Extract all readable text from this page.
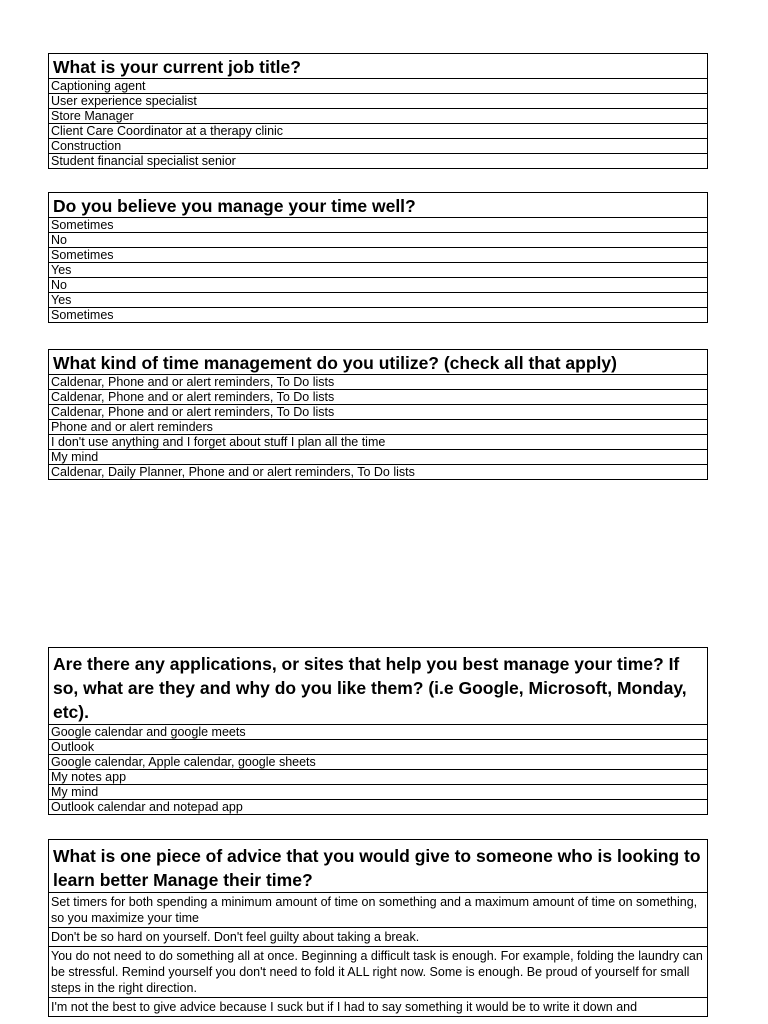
What is your current job title?
Captioning agent
User experience specialist
Store Manager
Client Care Coordinator at a therapy clinic
Construction
Student financial specialist senior
Do you believe you manage your time well?
Sometimes
No
Sometimes
Yes
No
Yes
Sometimes
What kind of time management do you utilize? (check all that apply)
Caldenar, Phone and or alert reminders, To Do lists
Caldenar, Phone and or alert reminders, To Do lists
Caldenar, Phone and or alert reminders, To Do lists
Phone and or alert reminders
I don't use anything and I forget about stuff I plan all the time
My mind
Caldenar, Daily Planner, Phone and or alert reminders, To Do lists
Are there any applications, or sites that help you best manage your time? If so, what are they and why do you like them? (i.e Google, Microsoft, Monday, etc).
Google calendar and google meets
Outlook
Google calendar, Apple calendar, google sheets
My notes app
My mind
Outlook calendar and notepad app
What is one piece of advice that you would give to someone who is looking to learn better Manage their time?
Set timers for both spending a minimum amount of time on something and a maximum amount of time on something, so you maximize your time
Don't be so hard on yourself. Don't feel guilty about taking a break.
You do not need to do something all at once. Beginning a difficult task is enough. For example, folding the laundry can be stressful. Remind yourself you don't need to fold it ALL right now. Some is enough. Be proud of yourself for small steps in the right direction.
I'm not the best to give advice because I suck but if I had to say something it would be to write it down and
